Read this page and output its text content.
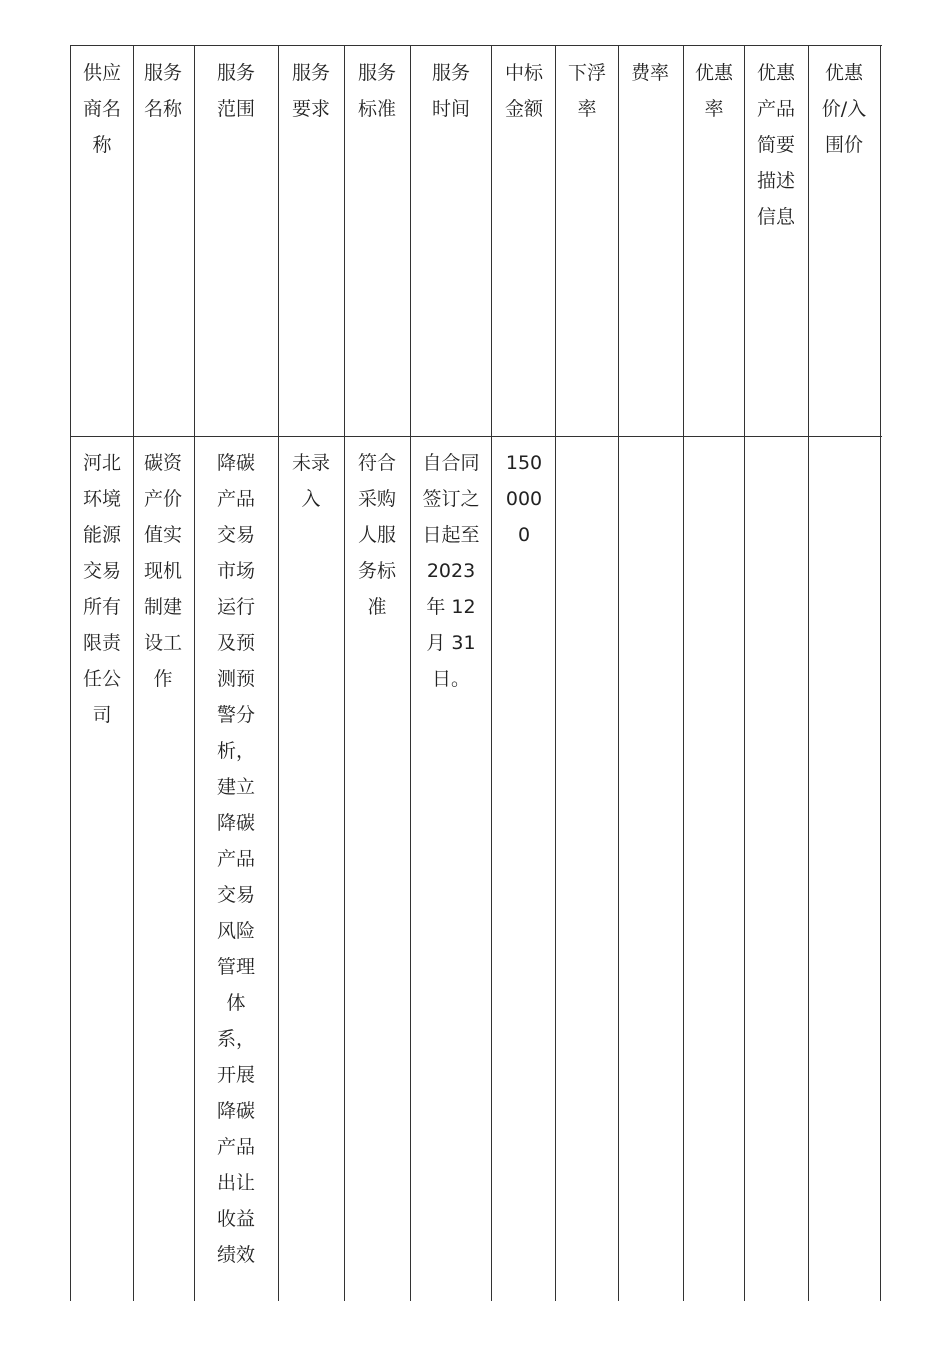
供应商名称
服务名称
服务范围
服务要求
服务标准
服务时间
中标金额
下浮率
费率 优惠率
优惠产品简要描述信息
优惠价/入围价
河北环境能源交易所有限责任公司
碳资产价值实现机制建设工作
降碳产品交易市场运行及预测预警分析，建立降碳产品交易风险管理体系，开展降碳产品出让收益绩效
未录入
符合采购人服务标准
自合同签订之日起至 2023 年 12 月 31 日。
1500000
